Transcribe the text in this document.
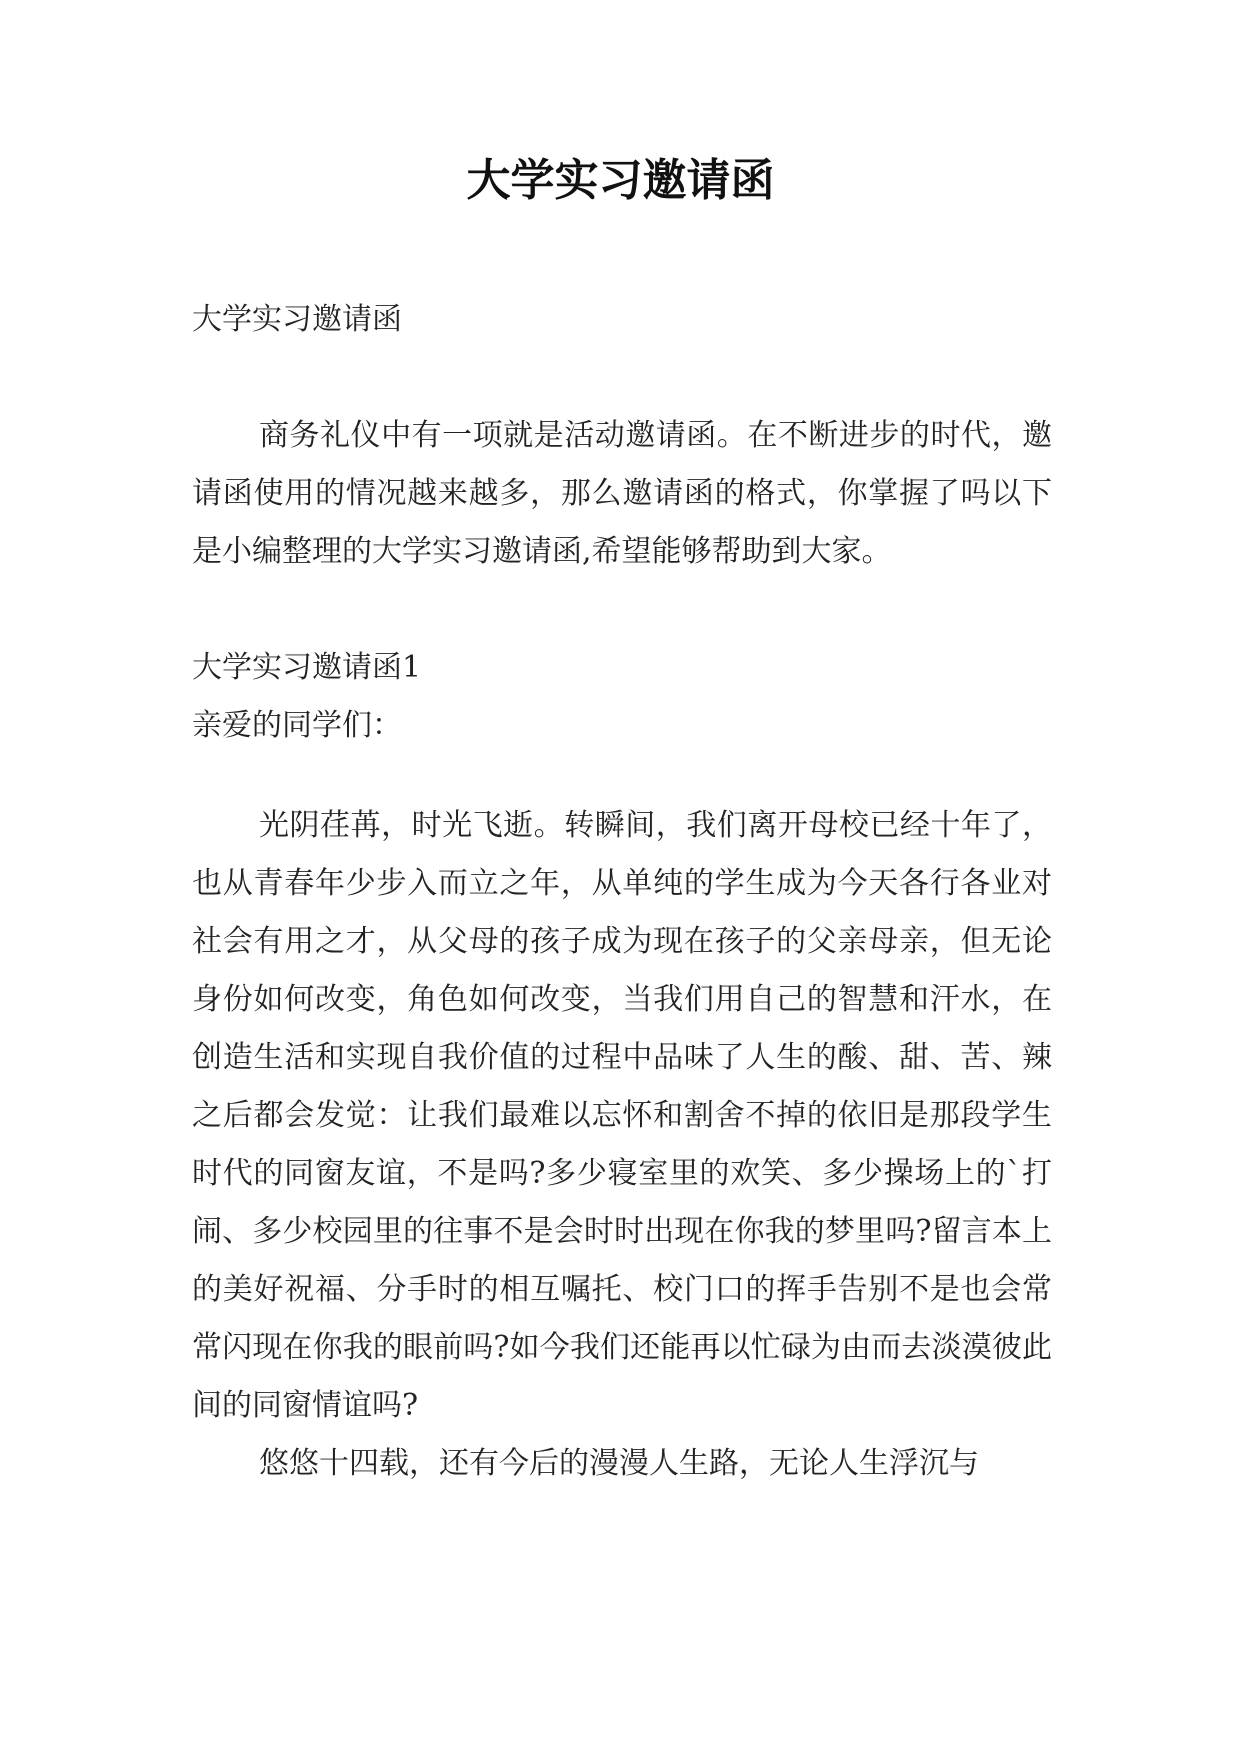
大学实习邀请函

大学实习邀请函

商务礼仪中有一项就是活动邀请函。在不断进步的时代，邀请函使用的情况越来越多，那么邀请函的格式，你掌握了吗以下是小编整理的大学实习邀请函,希望能够帮助到大家。

大学实习邀请函1

亲爱的同学们：

光阴荏苒，时光飞逝。转瞬间，我们离开母校已经十年了，也从青春年少步入而立之年，从单纯的学生成为今天各行各业对社会有用之才，从父母的孩子成为现在孩子的父亲母亲，但无论身份如何改变，角色如何改变，当我们用自己的智慧和汗水，在创造生活和实现自我价值的过程中品味了人生的酸、甜、苦、辣之后都会发觉：让我们最难以忘怀和割舍不掉的依旧是那段学生时代的同窗友谊，不是吗?多少寝室里的欢笑、多少操场上的`打闹、多少校园里的往事不是会时时出现在你我的梦里吗?留言本上的美好祝福、分手时的相互嘱托、校门口的挥手告别不是也会常常闪现在你我的眼前吗?如今我们还能再以忙碌为由而去淡漠彼此间的同窗情谊吗?

悠悠十四载，还有今后的漫漫人生路，无论人生浮沉与
